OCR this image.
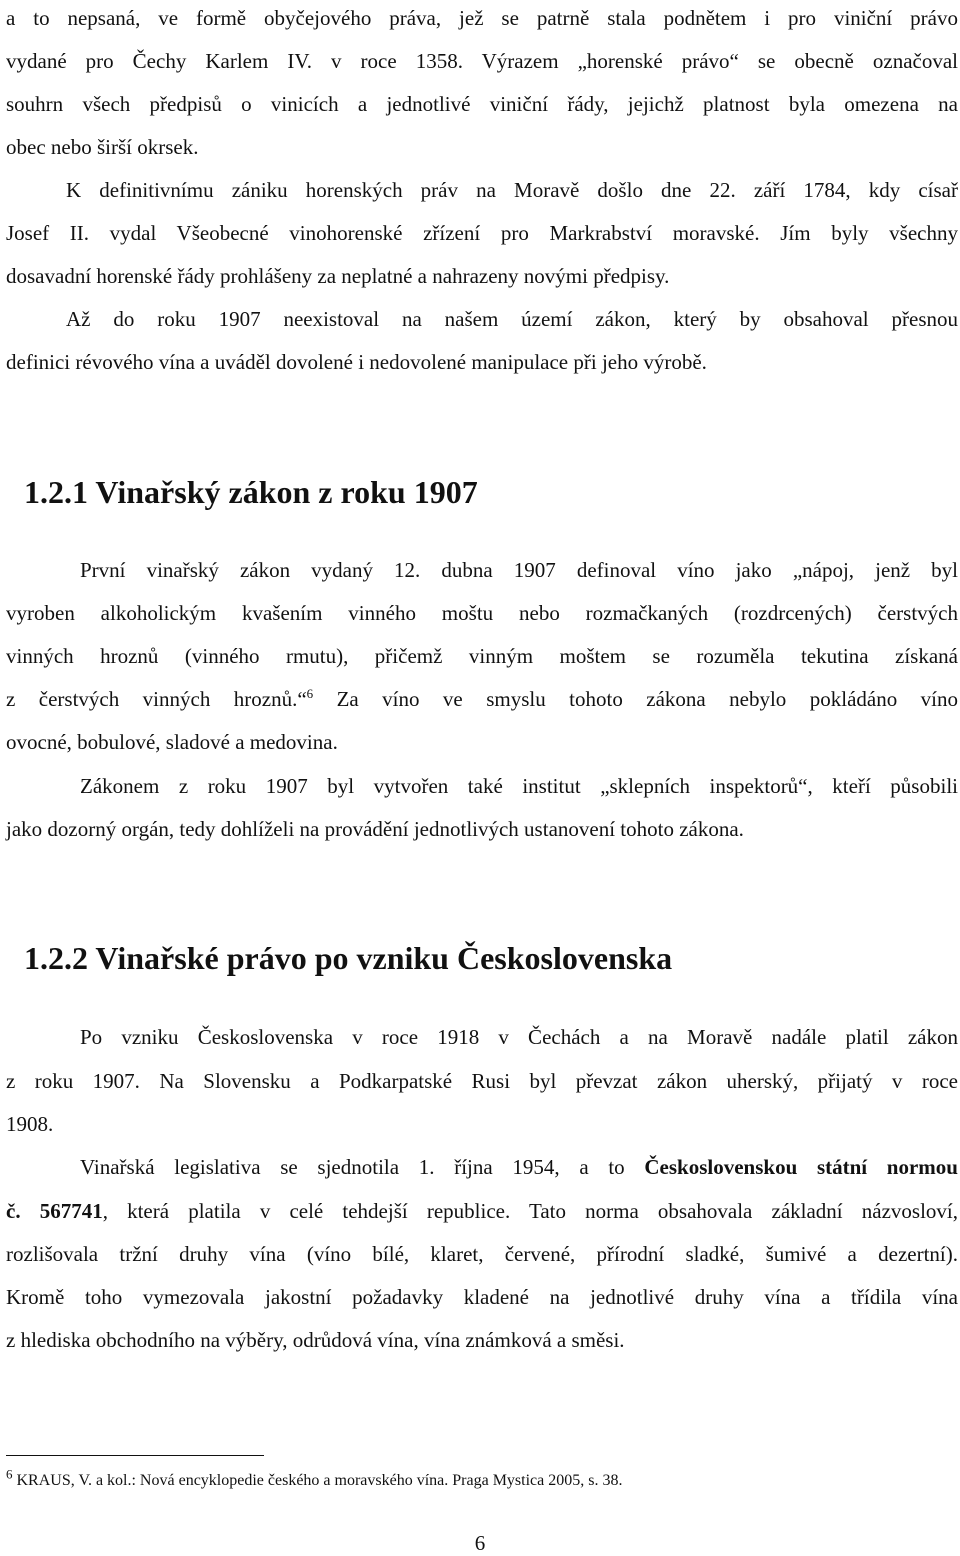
a to nepsaná, ve formě obyčejového práva, jež se patrně stala podnětem i pro viniční právo
vydané pro Čechy Karlem IV. v roce 1358. Výrazem „horenské právo“ se obecně označoval
souhrn všech předpisů o vinicích a jednotlivé viniční řády, jejichž platnost byla omezena na
obec nebo širší okrsek.
K definitivnímu zániku horenských práv na Moravě došlo dne 22. září 1784, kdy císař
Josef II. vydal Všeobecné vinohorenské zřízení pro Markrabství moravské. Jím byly všechny
dosavadní horenské řády prohlášeny za neplatné a nahrazeny novými předpisy.
Až do roku 1907 neexistoval na našem území zákon, který by obsahoval přesnou
definici révového vína a uváděl dovolené i nedovolené manipulace při jeho výrobě.
1.2.1 Vinařský zákon z roku 1907
První vinařský zákon vydaný 12. dubna 1907 definoval víno jako „nápoj, jenž byl
vyroben alkoholickým kvašením vinného moštu nebo rozmačkaných (rozdrcených) čerstvých
vinných hroznů (vinného rmutu), přičemž vinným moštem se rozuměla tekutina získaná
z čerstvých vinných hroznů.“$^6$ Za víno ve smyslu tohoto zákona nebylo pokládáno víno
ovocné, bobulové, sladové a medovina.
Zákonem z roku 1907 byl vytvořen také institut „sklepních inspektorů“, kteří působili
jako dozorný orgán, tedy dohlíželi na provádění jednotlivých ustanovení tohoto zákona.
1.2.2 Vinařské právo po vzniku Československa
Po vzniku Československa v roce 1918 v Čechách a na Moravě nadále platil zákon
z roku 1907. Na Slovensku a Podkarpatské Rusi byl převzat zákon uherský, přijatý v roce
1908.
Vinařská legislativa se sjednotila 1. října 1954, a to Československou státní normou
č. 567741, která platila v celé tehdejší republice. Tato norma obsahovala základní názvosloví,
rozlišovala tržní druhy vína (víno bílé, klaret, červené, přírodní sladké, šumivé a dezertní).
Kromě toho vymezovala jakostní požadavky kladené na jednotlivé druhy vína a třídila vína
z hlediska obchodního na výběry, odrůdová vína, vína známková a směsi.
$^6$ KRAUS, V. a kol.: Nová encyklopedie českého a moravského vína. Praga Mystica 2005, s. 38.
6
